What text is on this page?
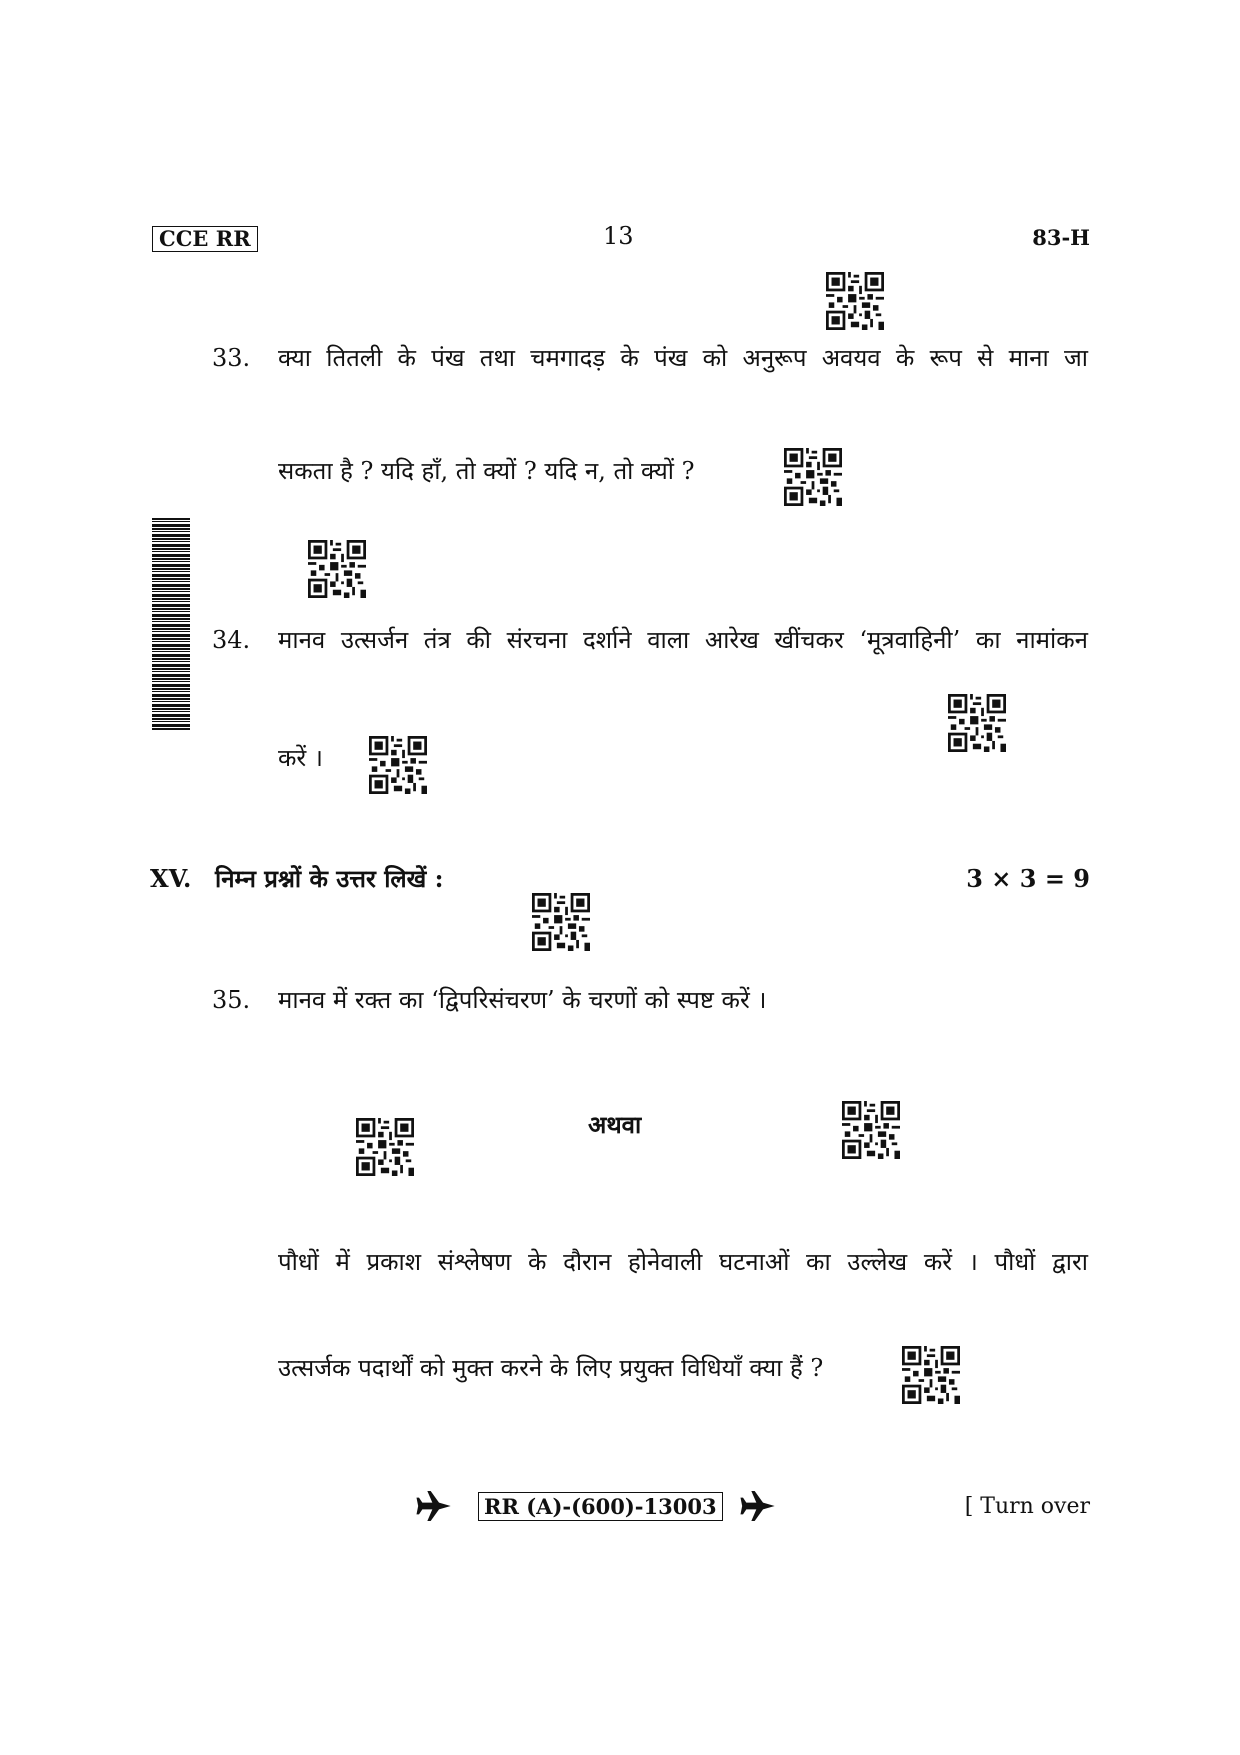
CCE RR	13	83-H
33. क्या तितली के पंख तथा चमगादड़ के पंख को अनुरूप अवयव के रूप से माना जा
सकता है ? यदि हाँ, तो क्यों ? यदि न, तो क्यों ?
34. मानव उत्सर्जन तंत्र की संरचना दर्शाने वाला आरेख खींचकर ‘मूत्रवाहिनी’ का नामांकन
करें ।
XV. निम्न प्रश्नों के उत्तर लिखें :	3 × 3 = 9
35. मानव में रक्त का ‘द्विपरिसंचरण’ के चरणों को स्पष्ट करें ।
अथवा
पौधों में प्रकाश संश्लेषण के दौरान होनेवाली घटनाओं का उल्लेख करें । पौधों द्वारा
उत्सर्जक पदार्थों को मुक्त करने के लिए प्रयुक्त विधियाँ क्या हैं ?
RR (A)-(600)-13003	[ Turn over
